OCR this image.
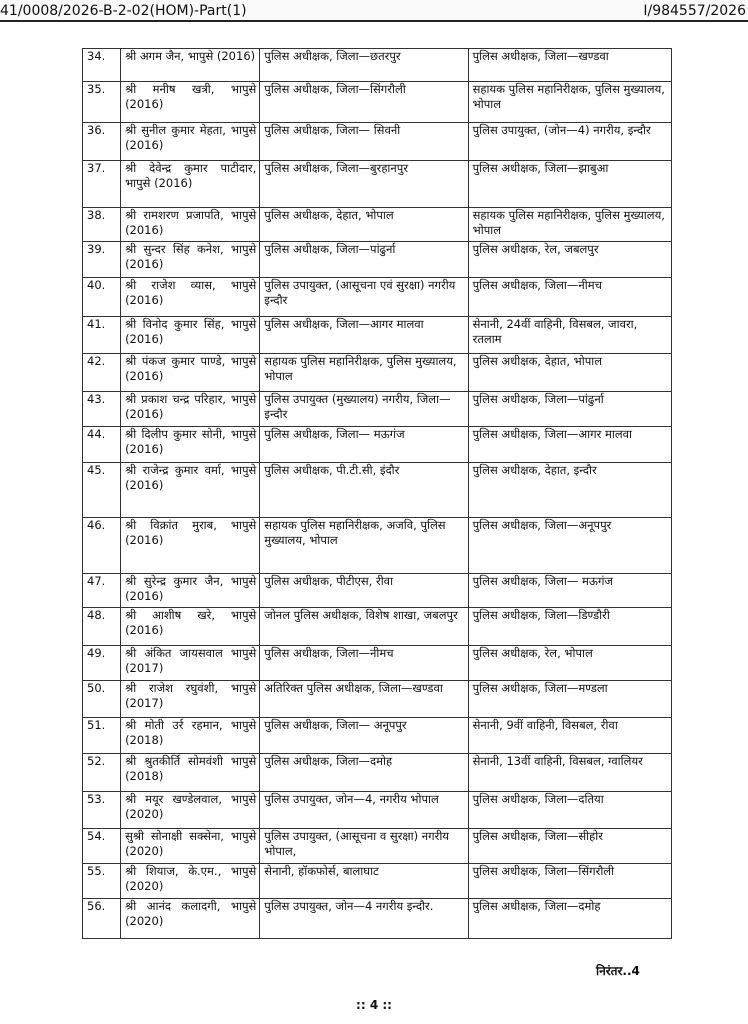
41/0008/2026-B-2-02(HOM)-Part(1)	I/984557/2026
34.	श्री अगम जैन, भापुसे (2016)	पुलिस अधीक्षक, जिला—छतरपुर	पुलिस अधीक्षक, जिला—खण्डवा
35.	श्री मनीष खत्री, भापुसे (2016)	पुलिस अधीक्षक, जिला—सिंगरौली	सहायक पुलिस महानिरीक्षक, पुलिस मुख्यालय, भोपाल
36.	श्री सुनील कुमार मेहता, भापुसे (2016)	पुलिस अधीक्षक, जिला— सिवनी	पुलिस उपायुक्त, (जोन—4) नगरीय, इन्दौर
37.	श्री देवेन्द्र कुमार पाटीदार, भापुसे (2016)	पुलिस अधीक्षक, जिला—बुरहानपुर	पुलिस अधीक्षक, जिला—झाबुआ
38.	श्री रामशरण प्रजापति, भापुसे (2016)	पुलिस अधीक्षक, देहात, भोपाल	सहायक पुलिस महानिरीक्षक, पुलिस मुख्यालय, भोपाल
39.	श्री सुन्दर सिंह कनेश, भापुसे (2016)	पुलिस अधीक्षक, जिला—पांढुर्ना	पुलिस अधीक्षक, रेल, जबलपुर
40.	श्री राजेश व्यास, भापुसे (2016)	पुलिस उपायुक्त, (आसूचना एवं सुरक्षा) नगरीय इन्दौर	पुलिस अधीक्षक, जिला—नीमच
41.	श्री विनोद कुमार सिंह, भापुसे (2016)	पुलिस अधीक्षक, जिला—आगर मालवा	सेनानी, 24वीं वाहिनी, विसबल, जावरा, रतलाम
42.	श्री पंकज कुमार पाण्डे, भापुसे (2016)	सहायक पुलिस महानिरीक्षक, पुलिस मुख्यालय, भोपाल	पुलिस अधीक्षक, देहात, भोपाल
43.	श्री प्रकाश चन्द्र परिहार, भापुसे (2016)	पुलिस उपायुक्त (मुख्यालय) नगरीय, जिला—इन्दौर	पुलिस अधीक्षक, जिला—पांढुर्ना
44.	श्री दिलीप कुमार सोनी, भापुसे (2016)	पुलिस अधीक्षक, जिला— मऊगंज	पुलिस अधीक्षक, जिला—आगर मालवा
45.	श्री राजेन्द्र कुमार वर्मा, भापुसे (2016)	पुलिस अधीक्षक, पी.टी.सी, इंदौर	पुलिस अधीक्षक, देहात, इन्दौर
46.	श्री विक्रांत मुराब, भापुसे (2016)	सहायक पुलिस महानिरीक्षक, अजवि, पुलिस मुख्यालय, भोपाल	पुलिस अधीक्षक, जिला—अनूपपुर
47.	श्री सुरेन्द्र कुमार जैन, भापुसे (2016)	पुलिस अधीक्षक, पीटीएस, रीवा	पुलिस अधीक्षक, जिला— मऊगंज
48.	श्री आशीष खरे, भापुसे (2016)	जोनल पुलिस अधीक्षक, विशेष शाखा, जबलपुर	पुलिस अधीक्षक, जिला—डिण्डौरी
49.	श्री अंकित जायसवाल भापुसे (2017)	पुलिस अधीक्षक, जिला—नीमच	पुलिस अधीक्षक, रेल, भोपाल
50.	श्री राजेश रघुवंशी, भापुसे (2017)	अतिरिक्त पुलिस अधीक्षक, जिला—खण्डवा	पुलिस अधीक्षक, जिला—मण्डला
51.	श्री मोती उर्र रहमान, भापुसे (2018)	पुलिस अधीक्षक, जिला— अनूपपुर	सेनानी, 9वीं वाहिनी, विसबल, रीवा
52.	श्री श्रुतकीर्ति सोमवंशी भापुसे (2018)	पुलिस अधीक्षक, जिला—दमोह	सेनानी, 13वीं वाहिनी, विसबल, ग्वालियर
53.	श्री मयूर खण्डेलवाल, भापुसे (2020)	पुलिस उपायुक्त, जोन—4, नगरीय भोपाल	पुलिस अधीक्षक, जिला—दतिया
54.	सुश्री सोनाक्षी सक्सेना, भापुसे (2020)	पुलिस उपायुक्त, (आसूचना व सुरक्षा) नगरीय भोपाल,	पुलिस अधीक्षक, जिला—सीहोर
55.	श्री शियाज, के.एम., भापुसे (2020)	सेनानी, हॉकफोर्स, बालाघाट	पुलिस अधीक्षक, जिला—सिंगरौली
56.	श्री आनंद कलादगी, भापुसे (2020)	पुलिस उपायुक्त, जोन—4 नगरीय इन्दौर.	पुलिस अधीक्षक, जिला—दमोह
निरंतर..4
:: 4 ::
